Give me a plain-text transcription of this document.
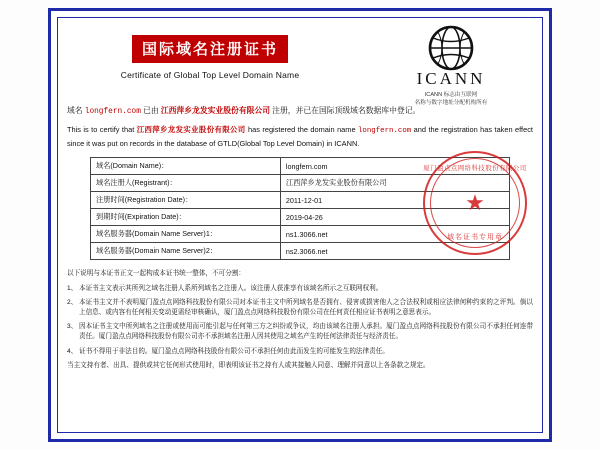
国际域名注册证书
Certificate of Global Top Level Domain Name	ICANN
ICANN 标志由互联网
名称与数字地址分配机构所有
域名 longfern.com 已由 江西萍乡龙发实业股份有限公司 注册，并已在国际顶级域名数据库中登记。
This is to certify that 江西萍乡龙发实业股份有限公司 has registered the domain name longfern.com and the registration has taken effect since it was put on records in the database of GTLD(Global Top Level Domain) in ICANN.
域名(Domain Name)：	longfern.com
域名注册人(Registrant)：	江西萍乡龙发实业股份有限公司
注册时间(Registration Date)：	2011-12-01
到期时间(Expiration Date)：	2019-04-26
域名服务器(Domain Name Server)1：	ns1.3066.net
域名服务器(Domain Name Server)2：	ns2.3066.net
厦门盈点点网络科技股份有限公司
★
域名证书专用章
以下说明与本证书正文一起构成本证书统一整体，不可分割：
1、 本证书主文表示其所列之域名注册人系所列域名之注册人。该注册人获准享有该域名所示之互联网权利。
2、 本证书主文并不表明厦门盈点点网络科技股份有限公司对本证书主文中所列域名是否拥有、侵害或损害他人之合法权利或相应法律何种约束的之评判。倘以上信息、或内容有任何相关变动更需经审核确认，厦门盈点点网络科技股份有限公司在任何责任相应证书表明之意思表示。
3、 因本证书主文中所列域名之注册或使用而可能引起与任何第三方之纠纷或争议，均由该域名注册人承担。厦门盈点点网络科技股份有限公司不承担任何连带责任。厦门盈点点网络科技股份有限公司亦不承担域名注册人因其使用之域名产生的任何法律责任与经济责任。
4、 证书不得用于非法目的。厦门盈点点网络科技股份有限公司不承担任何由此而发生的可能发生的法律责任。
当主文持有者、出具、提供或其它任何形式使用时，即表明该证书之持有人或其接触人同意、理解并同意以上各条款之规定。
